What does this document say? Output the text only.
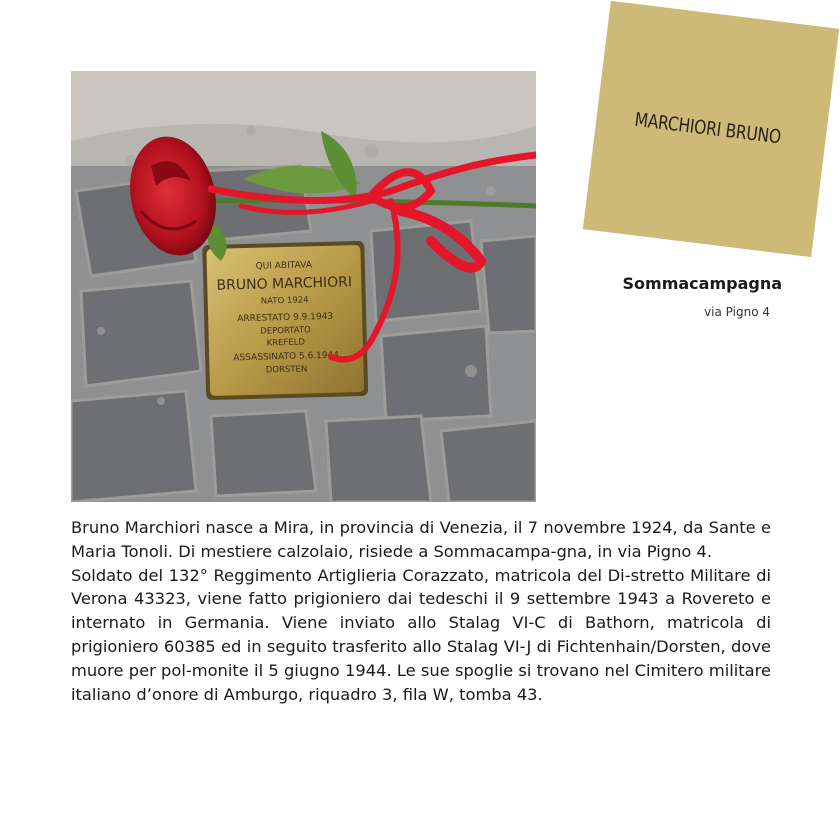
QUI ABITAVA
BRUNO MARCHIORI
NATO 1924
ARRESTATO 9.9.1943
DEPORTATO
KREFELD
ASSASSINATO 5.6.1944
DORSTEN
MARCHIORI BRUNO
Sommacampagna
via Pigno 4

Bruno Marchiori nasce a Mira, in provincia di Venezia, il 7 novembre 1924, da Sante e Maria Tonoli. Di mestiere calzolaio, risiede a Sommacampa-gna, in via Pigno 4.

Soldato del 132° Reggimento Artiglieria Corazzato, matricola del Di-stretto Militare di Verona 43323, viene fatto prigioniero dai tedeschi il 9 settembre 1943 a Rovereto e internato in Germania. Viene inviato allo Stalag VI-C di Bathorn, matricola di prigioniero 60385 ed in seguito trasferito allo Stalag VI-J di Fichtenhain/Dorsten, dove muore per pol-monite il 5 giugno 1944. Le sue spoglie si trovano nel Cimitero militare italiano d’onore di Amburgo, riquadro 3, fila W, tomba 43.
